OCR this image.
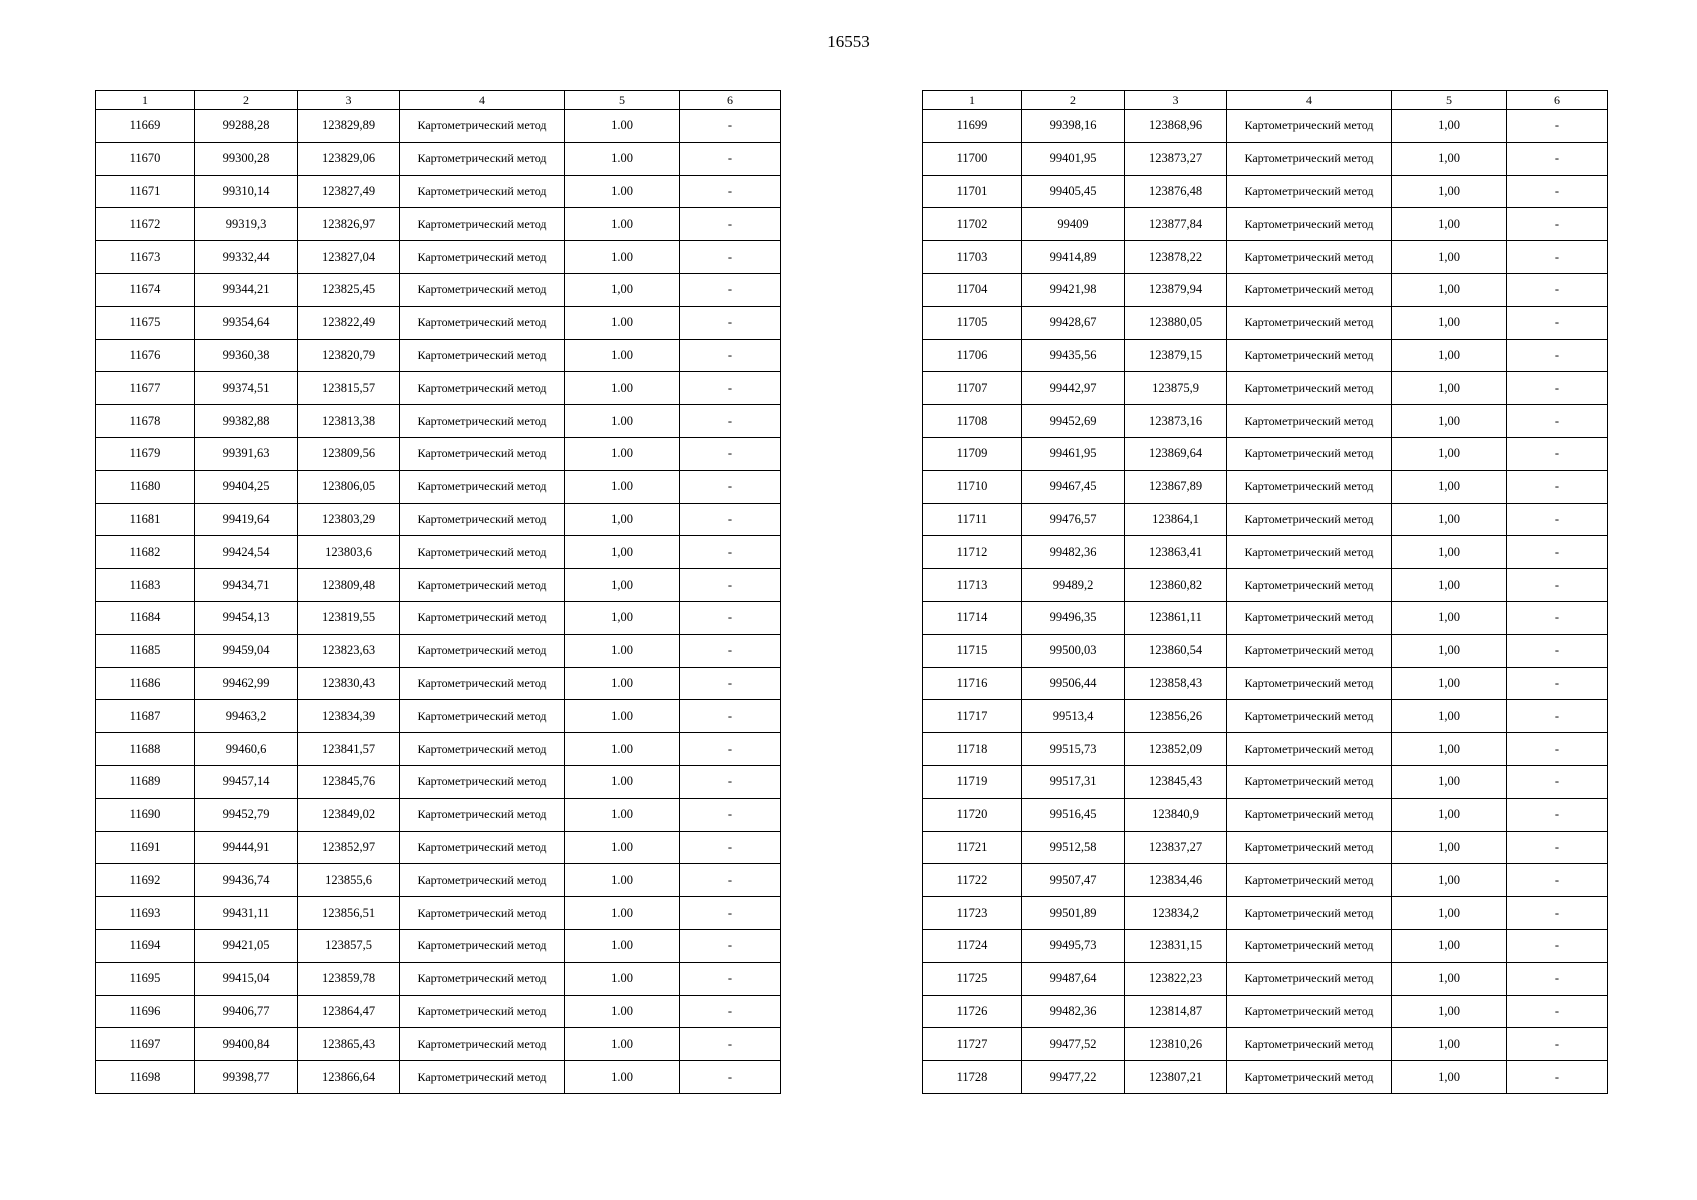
16553
1	2	3	4	5	6
11669	99288,28	123829,89	Картометрический метод	1.00	-
11670	99300,28	123829,06	Картометрический метод	1.00	-
11671	99310,14	123827,49	Картометрический метод	1.00	-
11672	99319,3	123826,97	Картометрический метод	1.00	-
11673	99332,44	123827,04	Картометрический метод	1.00	-
11674	99344,21	123825,45	Картометрический метод	1,00	-
11675	99354,64	123822,49	Картометрический метод	1.00	-
11676	99360,38	123820,79	Картометрический метод	1.00	-
11677	99374,51	123815,57	Картометрический метод	1.00	-
11678	99382,88	123813,38	Картометрический метод	1.00	-
11679	99391,63	123809,56	Картометрический метод	1.00	-
11680	99404,25	123806,05	Картометрический метод	1.00	-
11681	99419,64	123803,29	Картометрический метод	1,00	-
11682	99424,54	123803,6	Картометрический метод	1,00	-
11683	99434,71	123809,48	Картометрический метод	1,00	-
11684	99454,13	123819,55	Картометрический метод	1,00	-
11685	99459,04	123823,63	Картометрический метод	1.00	-
11686	99462,99	123830,43	Картометрический метод	1.00	-
11687	99463,2	123834,39	Картометрический метод	1.00	-
11688	99460,6	123841,57	Картометрический метод	1.00	-
11689	99457,14	123845,76	Картометрический метод	1.00	-
11690	99452,79	123849,02	Картометрический метод	1.00	-
11691	99444,91	123852,97	Картометрический метод	1.00	-
11692	99436,74	123855,6	Картометрический метод	1.00	-
11693	99431,11	123856,51	Картометрический метод	1.00	-
11694	99421,05	123857,5	Картометрический метод	1.00	-
11695	99415,04	123859,78	Картометрический метод	1.00	-
11696	99406,77	123864,47	Картометрический метод	1.00	-
11697	99400,84	123865,43	Картометрический метод	1.00	-
11698	99398,77	123866,64	Картометрический метод	1.00	-
1	2	3	4	5	6
11699	99398,16	123868,96	Картометрический метод	1,00	-
11700	99401,95	123873,27	Картометрический метод	1,00	-
11701	99405,45	123876,48	Картометрический метод	1,00	-
11702	99409	123877,84	Картометрический метод	1,00	-
11703	99414,89	123878,22	Картометрический метод	1,00	-
11704	99421,98	123879,94	Картометрический метод	1,00	-
11705	99428,67	123880,05	Картометрический метод	1,00	-
11706	99435,56	123879,15	Картометрический метод	1,00	-
11707	99442,97	123875,9	Картометрический метод	1,00	-
11708	99452,69	123873,16	Картометрический метод	1,00	-
11709	99461,95	123869,64	Картометрический метод	1,00	-
11710	99467,45	123867,89	Картометрический метод	1,00	-
11711	99476,57	123864,1	Картометрический метод	1,00	-
11712	99482,36	123863,41	Картометрический метод	1,00	-
11713	99489,2	123860,82	Картометрический метод	1,00	-
11714	99496,35	123861,11	Картометрический метод	1,00	-
11715	99500,03	123860,54	Картометрический метод	1,00	-
11716	99506,44	123858,43	Картометрический метод	1,00	-
11717	99513,4	123856,26	Картометрический метод	1,00	-
11718	99515,73	123852,09	Картометрический метод	1,00	-
11719	99517,31	123845,43	Картометрический метод	1,00	-
11720	99516,45	123840,9	Картометрический метод	1,00	-
11721	99512,58	123837,27	Картометрический метод	1,00	-
11722	99507,47	123834,46	Картометрический метод	1,00	-
11723	99501,89	123834,2	Картометрический метод	1,00	-
11724	99495,73	123831,15	Картометрический метод	1,00	-
11725	99487,64	123822,23	Картометрический метод	1,00	-
11726	99482,36	123814,87	Картометрический метод	1,00	-
11727	99477,52	123810,26	Картометрический метод	1,00	-
11728	99477,22	123807,21	Картометрический метод	1,00	-
